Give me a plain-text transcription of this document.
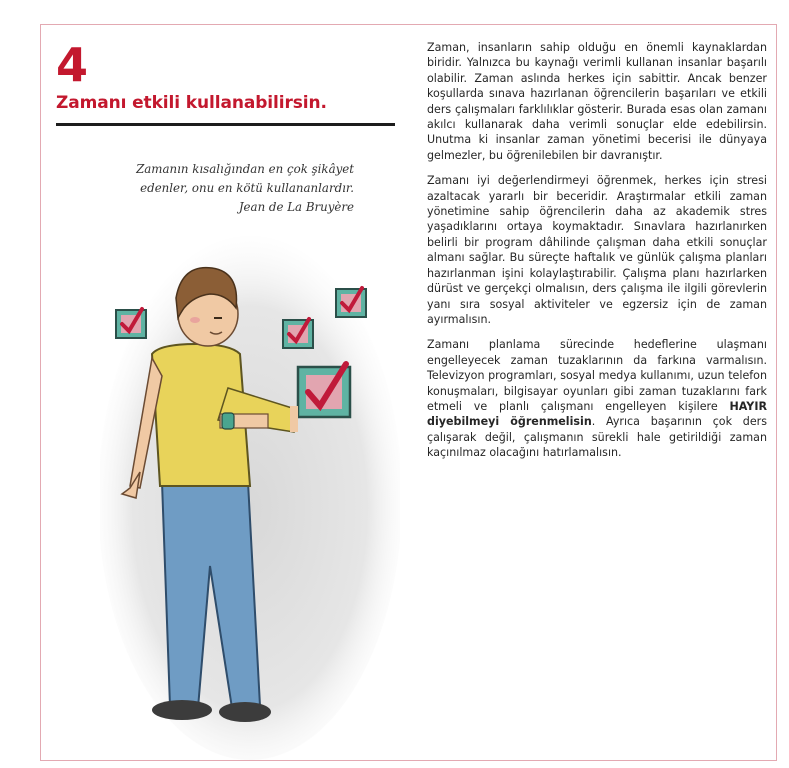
4
Zamanı etkili kullanabilirsin.
Zamanın kısalığından en çok şikâyet
edenler, onu en kötü kullananlardır.
Jean de La Bruyère

Zaman, insanların sahip olduğu en önemli kaynaklardan biridir. Yalnızca bu kaynağı verimli kullanan insanlar başarılı olabilir. Zaman aslında herkes için sabittir. Ancak benzer koşullarda sınava hazırlanan öğrencilerin başarıları ve etkili ders çalışmaları farklılıklar gösterir. Burada esas olan zamanı akılcı kullanarak daha verimli sonuçlar elde edebilirsin. Unutma ki insanlar zaman yönetimi becerisi ile dünyaya gelmezler, bu öğrenilebilen bir davranıştır.

Zamanı iyi değerlendirmeyi öğrenmek, herkes için stresi azaltacak yararlı bir beceridir. Araştırmalar etkili zaman yönetimine sahip öğrencilerin daha az akademik stres yaşadıklarını ortaya koymaktadır. Sınavlara hazırlanırken belirli bir program dâhilinde çalışman daha etkili sonuçlar almanı sağlar. Bu süreçte haftalık ve günlük çalışma planları hazırlanman işini kolaylaştırabilir. Çalışma planı hazırlarken dürüst ve gerçekçi olmalısın, ders çalışma ile ilgili görevlerin yanı sıra sosyal aktiviteler ve egzersiz için de zaman ayırmalısın.

Zamanı planlama sürecinde hedeflerine ulaşmanı engelleyecek zaman tuzaklarının da farkına varmalısın. Televizyon programları, sosyal medya kullanımı, uzun telefon konuşmaları, bilgisayar oyunları gibi zaman tuzaklarını fark etmeli ve planlı çalışmanı engelleyen kişilere HAYIR diyebilmeyi öğrenmelisin. Ayrıca başarının çok ders çalışarak değil, çalışmanın sürekli hale getirildiği zaman kaçınılmaz olacağını hatırlamalısın.
